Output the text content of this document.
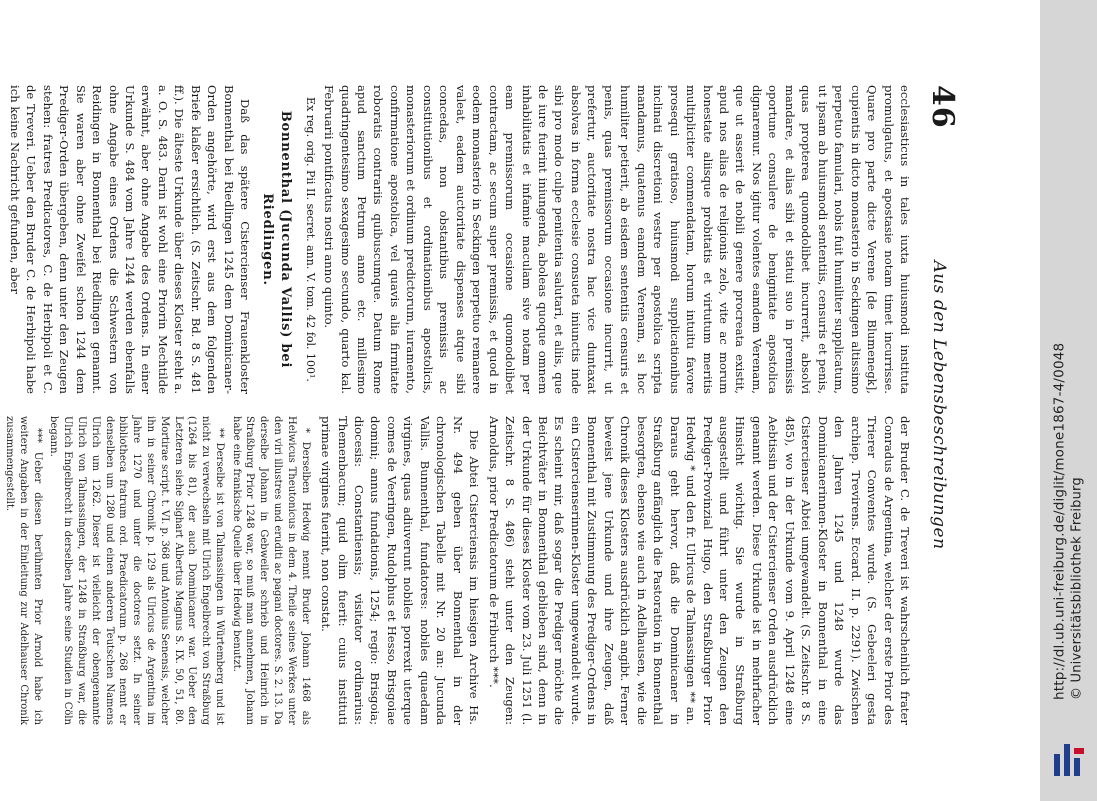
46
Aus den Lebensbeschreibungen

ecclesiasticus in tales iuxta huiusmodi instituta promulgatus, et apostasie notam timet incurrisse. Quare pro parte dicte Verene [de Blumenegk], cupientis in dicto monasterio in Seckingen altissimo perpetuo famulari, nobis fuit humiliter supplicatum, ut ipsam ab huiusmodi sententiis, censuris et penis, quas propterea quomodolibet incurrerit, absolvi mandare, et alias sibi et statui suo in premissis oportune consulere de benignitate apostolica dignaremur. Nos igitur volentes eamdem Verenam, que ut asserit de nobili genere procreata existit, apud nos alias de religionis zelo, vite ac morum honestate aliisque probitatis et virtutum meritis multipliciter commendatam, horum intuitu favore prosequi gratioso, huiusmodi supplicationibus inclinati discretioni vestre per apostolica scripta mandamus, quatenus eamdem Verenam, si hoc humiliter petierit, ab eisdem sententiis censuris et penis, quas premissorum occasione incurrit, ut prefertur, auctoritate nostra hac vice duntaxat absolvas in forma ecclesie consueta iniunctis inde sibi pro modo culpe penitentia salutari, et aliis, que de iure fuerint iniungenda, aboleas quoque omnem inhabilitatis et infamie maculam sive notam per eam premissorum occasione quomodolibet contractam, ac secum super premissis, et quod in eodem monasterio in Seckingen perpetuo remanere valeat, eadem auctoritate dispenses atque sibi concedas, non obstantibus premissis ac constitutionibus et ordinationibus apostolicis, monasteriorum et ordinum predictorum, iuramento, confirmatione apostolica, vel quavis alia firmitate roboratis contrariis quibuscumque. Datum Rome apud sanctum Petrum anno etc. millesimo quadringentesimo sexagesimo secundo, quarto kal. Februarii pontificatus nostri anno quinto.

Ex reg. orig. Pii II. secret. ann. V. tom. 42 fol. 100¹.
Bonnenthal (Jucunda Vallis) bei Riedlingen.

Daß das spätere Cistercienser Frauenkloster Bonnenthal bei Riedlingen 1245 dem Dominicaner-Orden angehörte, wird erst aus dem folgenden Briefe klaßer ersichtlich. (S. Zeitschr. Bd. 8 S. 481 ff.). Die älteste Urkunde über dieses Kloster steht a. a. O. S. 483. Darin ist wohl eine Priorin Mechtilde erwähnt, aber ohne Angabe des Ordens. In einer Urkunde S. 484 vom Jahre 1244 werden ebenfalls ohne Angabe eines Ordens die Schwestern von Reidingen in Bonnenthal bei Riedlingen genannt. Sie waren aber ohne Zweifel schon 1244 dem Prediger-Orden übergeben, denn unter den Zeugen stehen: fratres Predicatores, C. de Herbipoli et C. de Treveri. Ueber den Bruder C. de Herbipoli habe ich keine Nachricht gefunden, aber

der Bruder C. de Treveri ist wahrscheinlich frater Conradus de Argentina, welcher der erste Prior des Trierer Conventes wurde. (S. Gebeeleri gesta archiep. Trevirens. Eccard. II. p. 2291). Zwischen den Jahren 1245 und 1248 wurde das Dominicanerinnen-Kloster in Bonnenthal in eine Cistercienser Abtei umgewandelt. (S. Zeitschr. 8 S. 485), wo in der Urkunde vom 9. April 1248 eine Aebtissin und der Cistercienser Orden ausdrücklich genannt werden. Diese Urkunde ist in mehrfacher Hinsicht wichtig. Sie wurde in Straßburg ausgestellt und führt unter den Zeugen den Prediger-Provinzial Hugo, den Straßburger Prior Hedwig * und den fr. Ulricus de Talmassingen ** an. Daraus geht hervor, daß die Dominicaner in Straßburg anfänglich die Pastoration in Bonnenthal besorgten, ebenso wie auch in Adelhausen, wie die Chronik dieses Klosters ausdrücklich angibt. Ferner beweist jene Urkunde und ihre Zeugen, daß Bonnenthal mit Zustimmung des Prediger-Ordens in ein Cistercienserinnen-Kloster umgewandelt wurde. Es scheint mir, daß sogar die Prediger möchte die Beichtväter in Bonnenthal geblieben sind, denn in der Urkunde für dieses Kloster vom 23. Juli 1251 (l. Zeitschr. 8 S. 486) steht unter den Zeugen: Arnoldus, prior Predicatorum de Friburch ***.

Die Abtei Cisterciensis im hiesigen Archive Hs. Nr. 494 geben über Bonnenthal in der chronologischen Tabelle mit Nr. 20 an: Jucunda Vallis. Bunnenthal, fundatores: nobiles quaedam virgines, quas adiuverunt nobiles porrexit uterque comes de Veeringen, Rudolphus et Hesso, Brisgoiae domini; annus fundationis, 1254; regio: Brisgoia; diocesis: Constantiensis; visitator ordinarius: Themenbacum; quid olim fuerit: cuius instituti primae virgines fuerint, non constat.

* Derselben Hedwig nennt Bruder Johann 1468 als Helwicus Theutonicus in dem 4. Theile seines Werkes unter den viri illustres und eruditi ac pagani doctores. S. 2. 13. Da derselbe Johann in Gebweiler schrieb und Heinrich in Straßburg Prior 1248 war, so muß man annehmen, Johann habe eine frankische Quelle über Hedwig benutzt.

** Derselbe ist von Talmassingen in Würtemberg und ist nicht zu verwechseln mit Ulrich Engelbrecht von Straßburg (1264 bis 81), der auch Dominicaner war. Ueber den Letzteren siehe Sighart Albertus Magnus S. IX. 50, 51, 80. Mortirae script. t. VI. p. 368 und Antonius Senensis, welcher ihn in seiner Chronik p. 129 als Ulricus de Argentina im Jahre 1270 und unter die doctores setzt. In seiner bibliotheca fratrum ord. Praedicatorum p. 268 nennt er denselben um 1280 und einen anderen Teutschen Namens Ulrich um 1262. Dieser ist vielleicht der obengenannte Ulrich von Talmassingen, der 1248 in Straßburg war, die Ulrich Engelbrecht in derselben Jahre seine Studien in Cöln begann.

*** Ueber diesen berühmten Prior Arnold habe ich weitere Angaben in der Einleitung zur Adelhauser Chronik zusammengestellt.	http://dl.ub.uni-freiburg.de/diglit/mone1867-4/0048 © Universitätsbibliothek Freiburg
